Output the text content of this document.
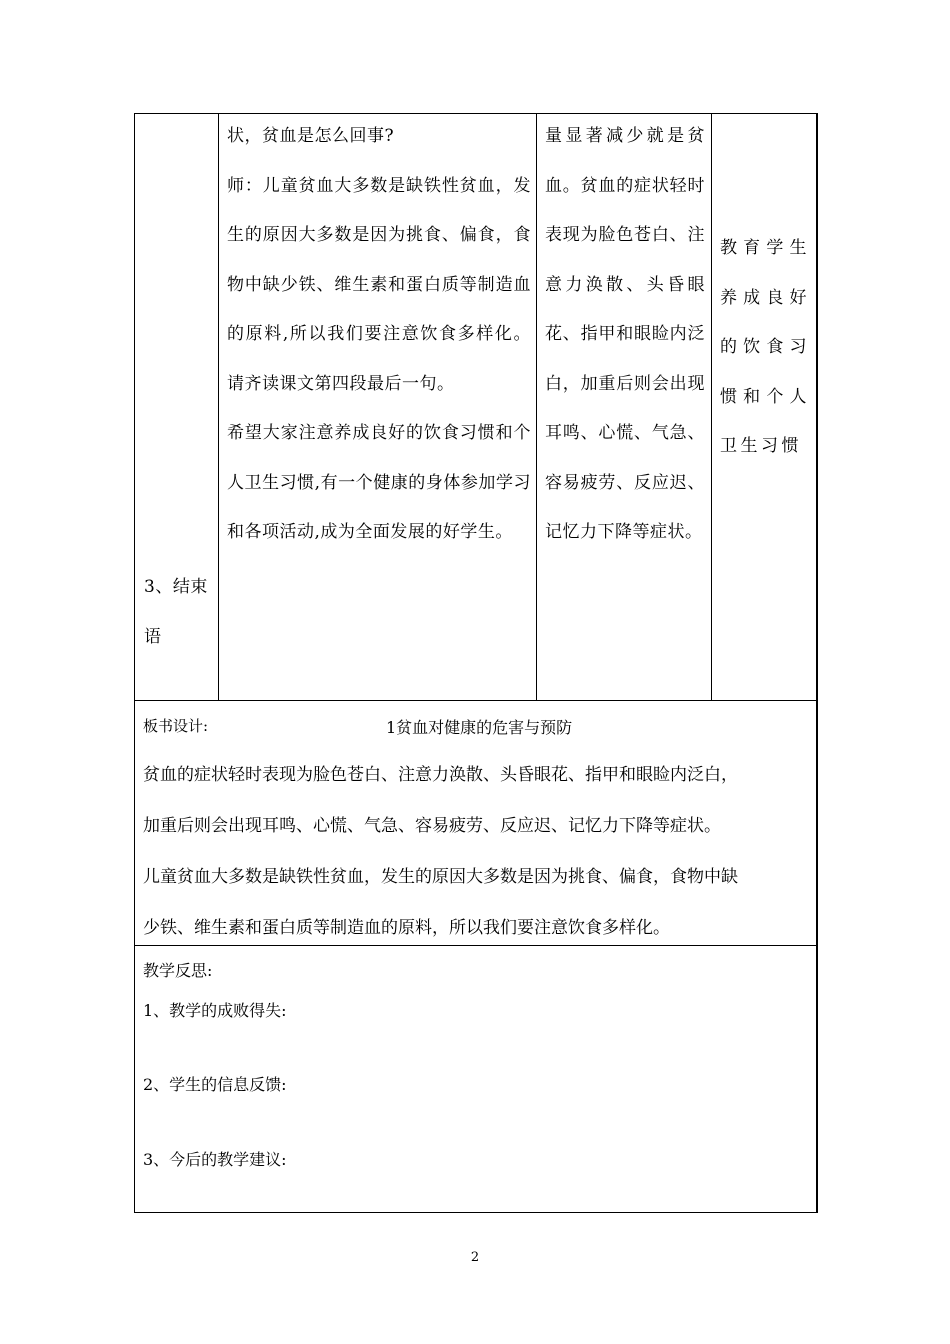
3、结束语

状，贫血是怎么回事?

师：儿童贫血大多数是缺铁性贫血，发生的原因大多数是因为挑食、偏食，食物中缺少铁、维生素和蛋白质等制造血的原料,所以我们要注意饮食多样化。 请齐读课文第四段最后一句。

希望大家注意养成良好的饮食习惯和个人卫生习惯,有一个健康的身体参加学习和各项活动,成为全面发展的好学生。

量显著减少就是贫血。贫血的症状轻时表现为脸色苍白、注意力涣散、头昏眼花、指甲和眼睑内泛白，加重后则会出现耳鸣、心慌、气急、容易疲劳、反应迟、记忆力下降等症状。
教育学生养成良好的饮食习惯和个人卫生习惯
板书设计:	1贫血对健康的危害与预防

贫血的症状轻时表现为脸色苍白、注意力涣散、头昏眼花、指甲和眼睑内泛白，

加重后则会出现耳鸣、心慌、气急、容易疲劳、反应迟、记忆力下降等症状。

儿童贫血大多数是缺铁性贫血，发生的原因大多数是因为挑食、偏食，食物中缺

少铁、维生素和蛋白质等制造血的原料，所以我们要注意饮食多样化。

教学反思:
1、教学的成败得失:
2、学生的信息反馈:
3、今后的教学建议:
2
